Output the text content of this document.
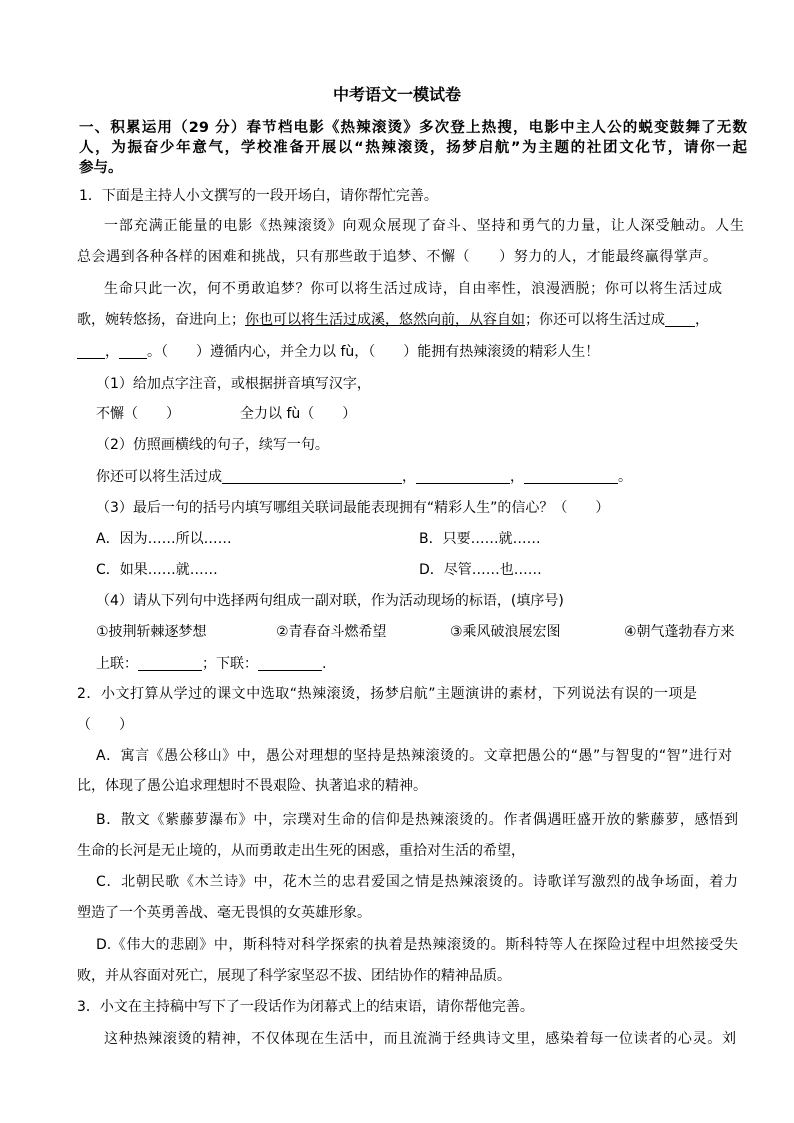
中考语文一模试卷
一、积累运用（29 分）春节档电影《热辣滚烫》多次登上热搜，电影中主人公的蜕变鼓舞了无数
人，为振奋少年意气，学校准备开展以“热辣滚烫，扬梦启航”为主题的社团文化节，请你一起
参与。
1．下面是主持人小文撰写的一段开场白，请你帮忙完善。
一部充满正能量的电影《热辣滚烫》向观众展现了奋斗、坚持和勇气的力量，让人深受触动。人生
总会遇到各种各样的困难和挑战，只有那些敢于追梦、不懈（　　）努力的人，才能最终赢得掌声。
生命只此一次，何不勇敢追梦？你可以将生活过成诗，自由率性，浪漫洒脱；你可以将生活过成
歌，婉转悠扬，奋进向上；你也可以将生活过成溪，悠然向前，从容自如；你还可以将生活过成 ，
， 。（　　）遵循内心，并全力以 fù，（　　）能拥有热辣滚烫的精彩人生！
（1）给加点字注音，或根据拼音填写汉字，
不懈（　　）	全力以 fù（　　）
（2）仿照画横线的句子，续写一句。
你还可以将生活过成	，	，	。
（3）最后一句的括号内填写哪组关联词最能表现拥有“精彩人生”的信心？（　　）
A．因为……所以……	B．只要……就……
C．如果……就……	D．尽管……也……
（4）请从下列句中选择两句组成一副对联，作为活动现场的标语，(填序号)
①披荆斩棘逐梦想	②青春奋斗燃希望	③乘风破浪展宏图	④朝气蓬勃春方来
上联：	；下联：	.
2．小文打算从学过的课文中选取“热辣滚烫，扬梦启航”主题演讲的素材，下列说法有误的一项是
（　　）
A．寓言《愚公移山》中，愚公对理想的坚持是热辣滚烫的。文章把愚公的“愚”与智叟的“智”进行对
比，体现了愚公追求理想时不畏艰险、执著追求的精神。
B．散文《紫藤萝瀑布》中，宗璞对生命的信仰是热辣滚烫的。作者偶遇旺盛开放的紫藤萝，感悟到
生命的长河是无止境的，从而勇敢走出生死的困惑，重拾对生活的希望，
C．北朝民歌《木兰诗》中，花木兰的忠君爱国之情是热辣滚烫的。诗歌详写激烈的战争场面，着力
塑造了一个英勇善战、毫无畏惧的女英雄形象。
D.《伟大的悲剧》中，斯科特对科学探索的执着是热辣滚烫的。斯科特等人在探险过程中坦然接受失
败，并从容面对死亡，展现了科学家坚忍不拔、团结协作的精神品质。
3．小文在主持稿中写下了一段话作为闭幕式上的结束语，请你帮他完善。
这种热辣滚烫的精神，不仅体现在生活中，而且流淌于经典诗文里，感染着每一位读者的心灵。刘
